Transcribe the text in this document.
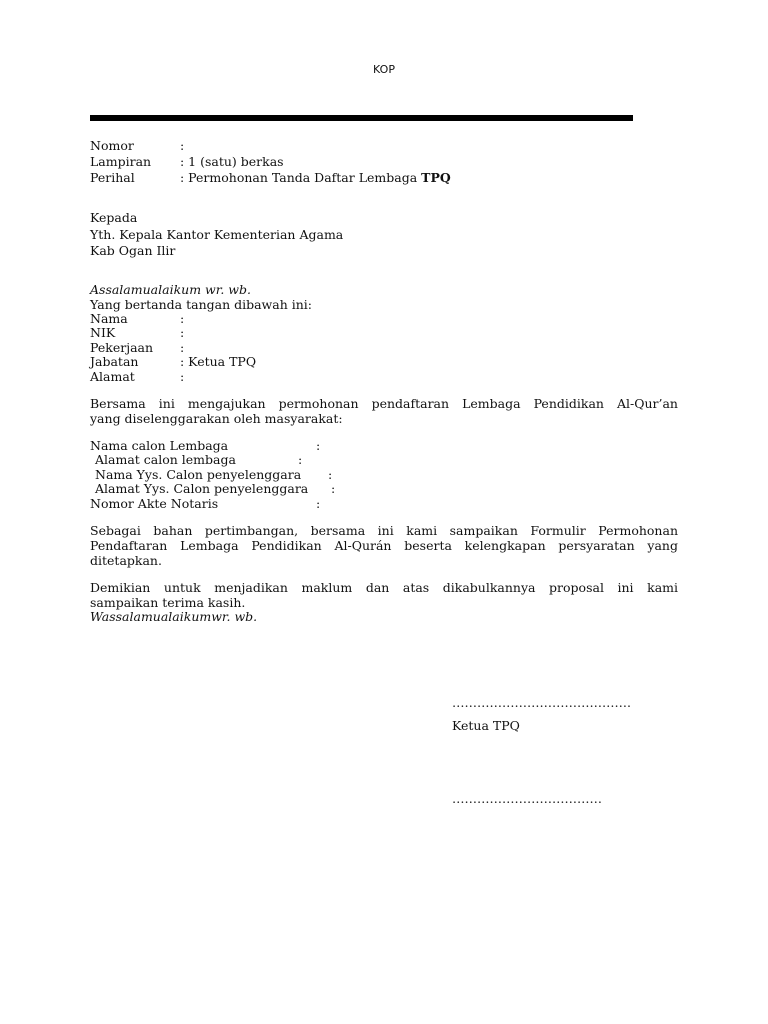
KOP
Nomor	:
Lampiran : 1 (satu) berkas
Perihal	: Permohonan Tanda Daftar Lembaga TPQ
Kepada
Yth. Kepala Kantor Kementerian Agama
Kab Ogan Ilir
Assalamualaikum wr. wb.
Yang bertanda tangan dibawah ini:
Nama	:
NIK	:
Pekerjaan :
Jabatan	: Ketua TPQ
Alamat	:
Bersama ini mengajukan permohonan pendaftaran Lembaga Pendidikan Al-Qur’an
yang diselenggarakan oleh masyarakat:
Nama calon Lembaga	:
Alamat calon lembaga	:
Nama Yys. Calon penyelenggara :
Alamat Yys. Calon penyelenggara :
Nomor Akte Notaris	:
Sebagai bahan pertimbangan, bersama ini kami sampaikan Formulir Permohonan
Pendaftaran Lembaga Pendidikan Al-Qurán beserta kelengkapan persyaratan yang
ditetapkan.
Demikian untuk menjadikan maklum dan atas dikabulkannya proposal ini kami
sampaikan terima kasih.
Wassalamualaikumwr. wb.
…………………………………….
Ketua TPQ
………………………………
